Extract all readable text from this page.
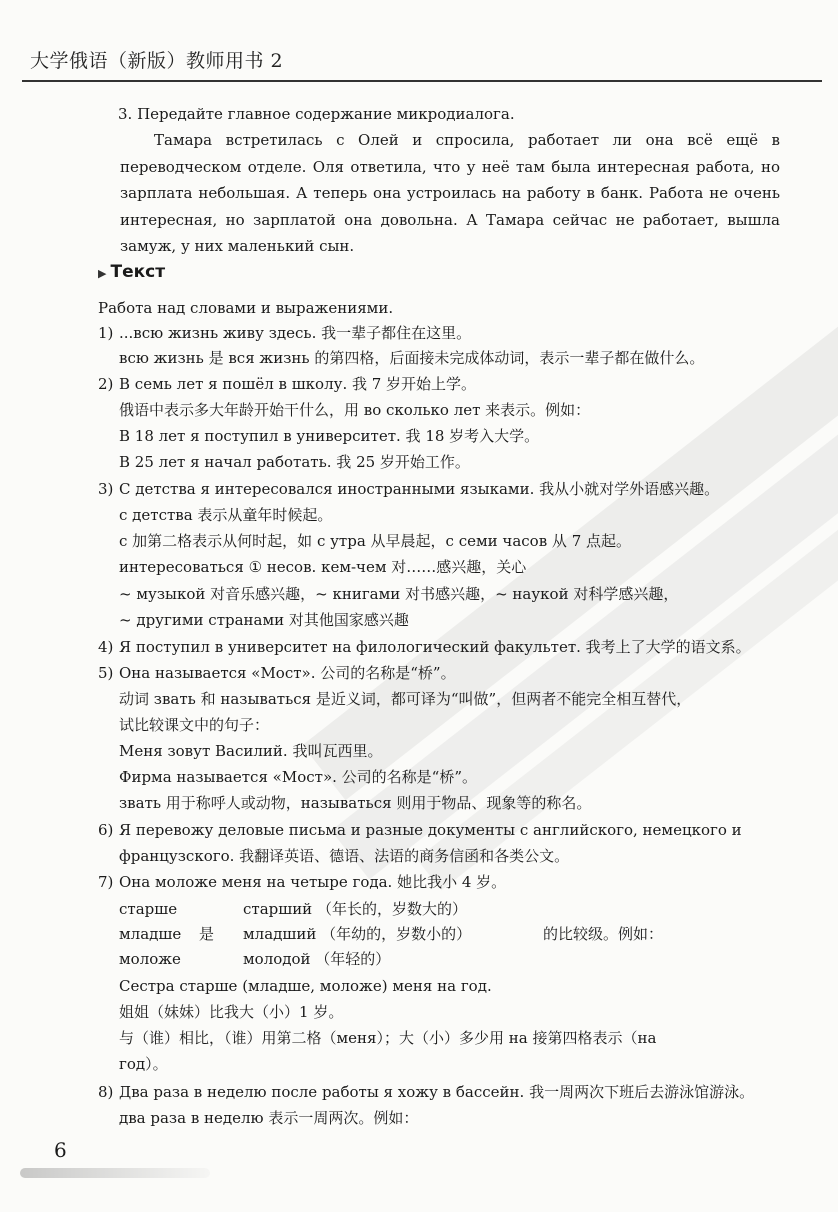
大学俄语（新版）教师用书 2
3. Передайте главное содержание микродиалога.
Тамара встретилась с Олей и спросила, работает ли она всё ещё в переводческом отделе. Оля ответила, что у неё там была интересная работа, но зарплата небольшая. А теперь она устроилась на работу в банк. Работа не очень интересная, но зарплатой она довольна. А Тамара сейчас не работает, вышла замуж, у них маленький сын.
▶ Текст
Работа над словами и выражениями.
1) ...всю жизнь живу здесь. 我一辈子都住在这里。
всю жизнь 是 вся жизнь 的第四格，后面接未完成体动词，表示一辈子都在做什么。
2) В семь лет я пошёл в школу. 我 7 岁开始上学。
俄语中表示多大年龄开始干什么，用 во сколько лет 来表示。例如：
В 18 лет я поступил в университет. 我 18 岁考入大学。
В 25 лет я начал работать. 我 25 岁开始工作。
3) С детства я интересовался иностранными языками. 我从小就对学外语感兴趣。
с детства 表示从童年时候起。
с 加第二格表示从何时起，如 с утра 从早晨起，с семи часов 从 7 点起。
интересоваться ① несов. кем-чем 对……感兴趣，关心
~ музыкой 对音乐感兴趣，~ книгами 对书感兴趣，~ наукой 对科学感兴趣，
~ другими странами 对其他国家感兴趣
4) Я поступил в университет на филологический факультет. 我考上了大学的语文系。
5) Она называется «Мост». 公司的名称是“桥”。
动词 звать 和 называться 是近义词，都可译为“叫做”，但两者不能完全相互替代，
试比较课文中的句子：
Меня зовут Василий. 我叫瓦西里。
Фирма называется «Мост». 公司的名称是“桥”。
звать 用于称呼人或动物，называться 则用于物品、现象等的称名。
6) Я перевожу деловые письма и разные документы с английского, немецкого и
французского. 我翻译英语、德语、法语的商务信函和各类公文。
7) Она моложе меня на четыре года. 她比我小 4 岁。
старше
младше
моложе
是
старший （年长的，岁数大的）
младший （年幼的，岁数小的）
молодой （年轻的）
的比较级。例如：
Сестра старше (младше, моложе) меня на год.
姐姐（妹妹）比我大（小）1 岁。
与（谁）相比，（谁）用第二格（меня）；大（小）多少用 на 接第四格表示（на
год）。
8) Два раза в неделю после работы я хожу в бассейн. 我一周两次下班后去游泳馆游泳。
два раза в неделю 表示一周两次。例如：
6
